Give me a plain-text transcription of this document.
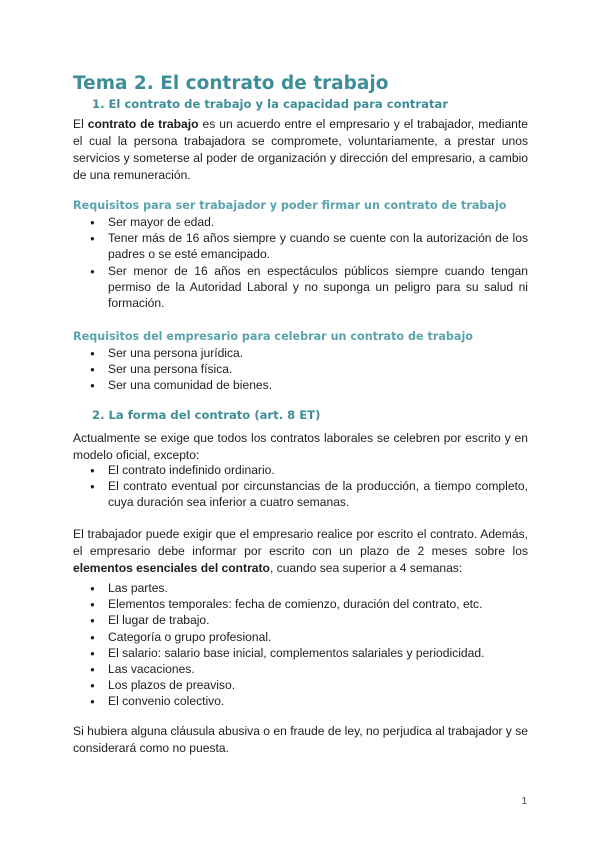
Tema 2. El contrato de trabajo
1. El contrato de trabajo y la capacidad para contratar

El contrato de trabajo es un acuerdo entre el empresario y el trabajador, mediante el cual la persona trabajadora se compromete, voluntariamente, a prestar unos servicios y someterse al poder de organización y dirección del empresario, a cambio de una remuneración.

Requisitos para ser trabajador y poder firmar un contrato de trabajo
● Ser mayor de edad.
● Tener más de 16 años siempre y cuando se cuente con la autorización de los padres o se esté emancipado.
● Ser menor de 16 años en espectáculos públicos siempre cuando tengan permiso de la Autoridad Laboral y no suponga un peligro para su salud ni formación.
Requisitos del empresario para celebrar un contrato de trabajo
● Ser una persona jurídica.
● Ser una persona física.
● Ser una comunidad de bienes.
2. La forma del contrato (art. 8 ET)

Actualmente se exige que todos los contratos laborales se celebren por escrito y en modelo oficial, excepto:

● El contrato indefinido ordinario.
● El contrato eventual por circunstancias de la producción, a tiempo completo, cuya duración sea inferior a cuatro semanas.

El trabajador puede exigir que el empresario realice por escrito el contrato. Además, el empresario debe informar por escrito con un plazo de 2 meses sobre los elementos esenciales del contrato, cuando sea superior a 4 semanas:

● Las partes.
● Elementos temporales: fecha de comienzo, duración del contrato, etc.
● El lugar de trabajo.
● Categoría o grupo profesional.
● El salario: salario base inicial, complementos salariales y periodicidad.
● Las vacaciones.
● Los plazos de preaviso.
● El convenio colectivo.

Si hubiera alguna cláusula abusiva o en fraude de ley, no perjudica al trabajador y se considerará como no puesta.

1
